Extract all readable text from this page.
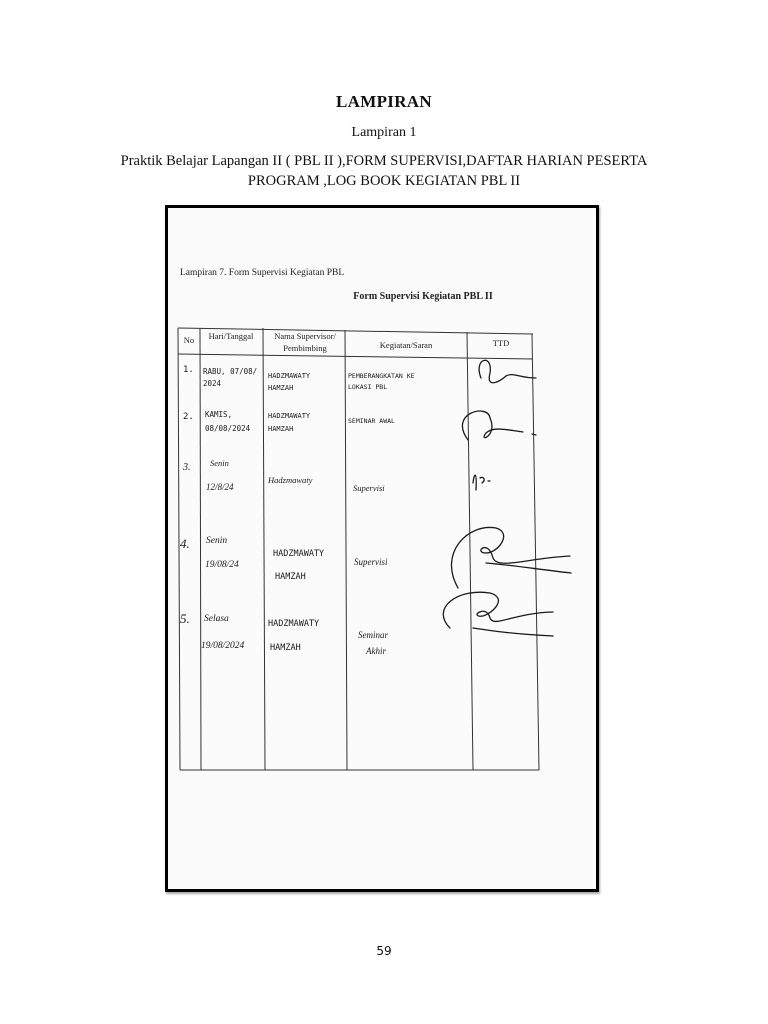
LAMPIRAN
Lampiran 1
Praktik Belajar Lapangan II ( PBL II ),FORM SUPERVISI,DAFTAR HARIAN PESERTA
PROGRAM ,LOG BOOK KEGIATAN PBL II
Lampiran 7. Form Supervisi Kegiatan PBL
Form Supervisi Kegiatan PBL II
No Hari/Tanggal Nama Supervisor/
Pembimbing	Kegiatan/Saran	TTD
1. RABU, 07/08/
2024
HADZMAWATY
HAMZAH
PEMBERANGKATAN KE
LOKASI PBL
2. KAMIS,
08/08/2024
HADZMAWATY
HAMZAH
SEMINAR AWAL
3. Senin
12/8/24
Hadzmawaty
Supervisi
4. Senin
19/08/24
HADZMAWATY
HAMZAH
Supervisi
5. Selasa
19/08/2024
HADZMAWATY
HAMZAH
Seminar
Akhir
59
